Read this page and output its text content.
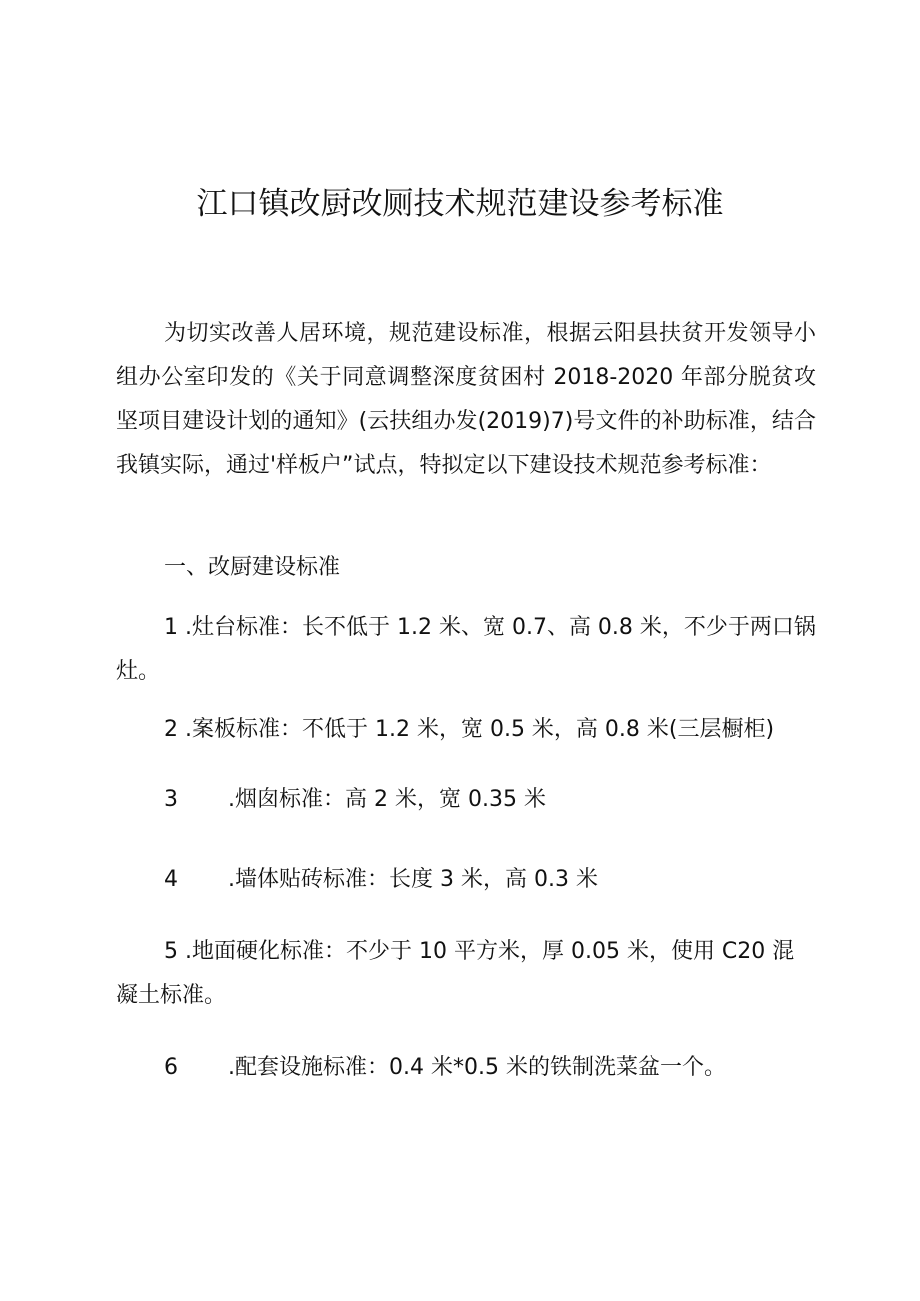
江口镇改厨改厕技术规范建设参考标准

为切实改善人居环境，规范建设标准，根据云阳县扶贫开发领导小组办公室印发的《关于同意调整深度贫困村 2018-2020 年部分脱贫攻坚项目建设计划的通知》(云扶组办发(2019)7)号文件的补助标准，结合我镇实际，通过'样板户”试点，特拟定以下建设技术规范参考标准：

一、改厨建设标准

1 .灶台标准：长不低于 1.2 米、宽 0.7、高 0.8 米，不少于两口锅灶。

2 .案板标准：不低于 1.2 米，宽 0.5 米，高 0.8 米(三层橱柜)

3 .烟囱标准：高 2 米，宽 0.35 米

4 .墙体贴砖标准：长度 3 米，高 0.3 米

5 .地面硬化标准：不少于 10 平方米，厚 0.05 米，使用 C20 混凝土标准。

6 .配套设施标准：0.4 米*0.5 米的铁制洗菜盆一个。
